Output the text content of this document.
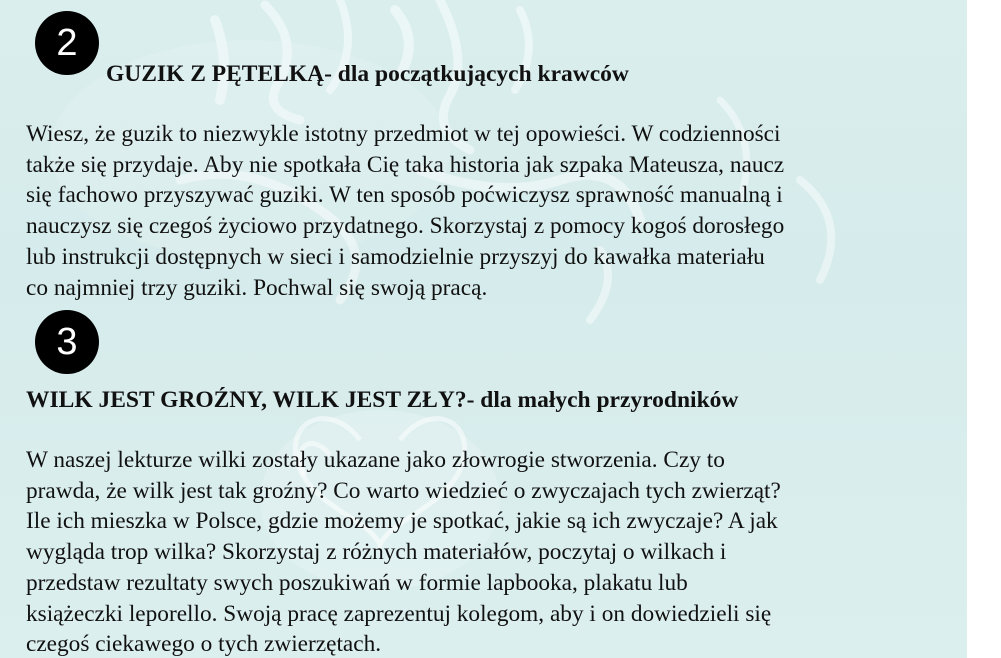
2
GUZIK Z PĘTELKĄ- dla początkujących krawców
Wiesz, że guzik to niezwykle istotny przedmiot w tej opowieści. W codzienności
także się przydaje. Aby nie spotkała Cię taka historia jak szpaka Mateusza, naucz
się fachowo przyszywać guziki. W ten sposób poćwiczysz sprawność manualną i
nauczysz się czegoś życiowo przydatnego. Skorzystaj z pomocy kogoś dorosłego
lub instrukcji dostępnych w sieci i samodzielnie przyszyj do kawałka materiału
co najmniej trzy guziki. Pochwal się swoją pracą.
3
WILK JEST GROŹNY, WILK JEST ZŁY?- dla małych przyrodników
W naszej lekturze wilki zostały ukazane jako złowrogie stworzenia. Czy to
prawda, że wilk jest tak groźny? Co warto wiedzieć o zwyczajach tych zwierząt?
Ile ich mieszka w Polsce, gdzie możemy je spotkać, jakie są ich zwyczaje? A jak
wygląda trop wilka? Skorzystaj z różnych materiałów, poczytaj o wilkach i
przedstaw rezultaty swych poszukiwań w formie lapbooka, plakatu lub
książeczki leporello. Swoją pracę zaprezentuj kolegom, aby i on dowiedzieli się
czegoś ciekawego o tych zwierzętach.
